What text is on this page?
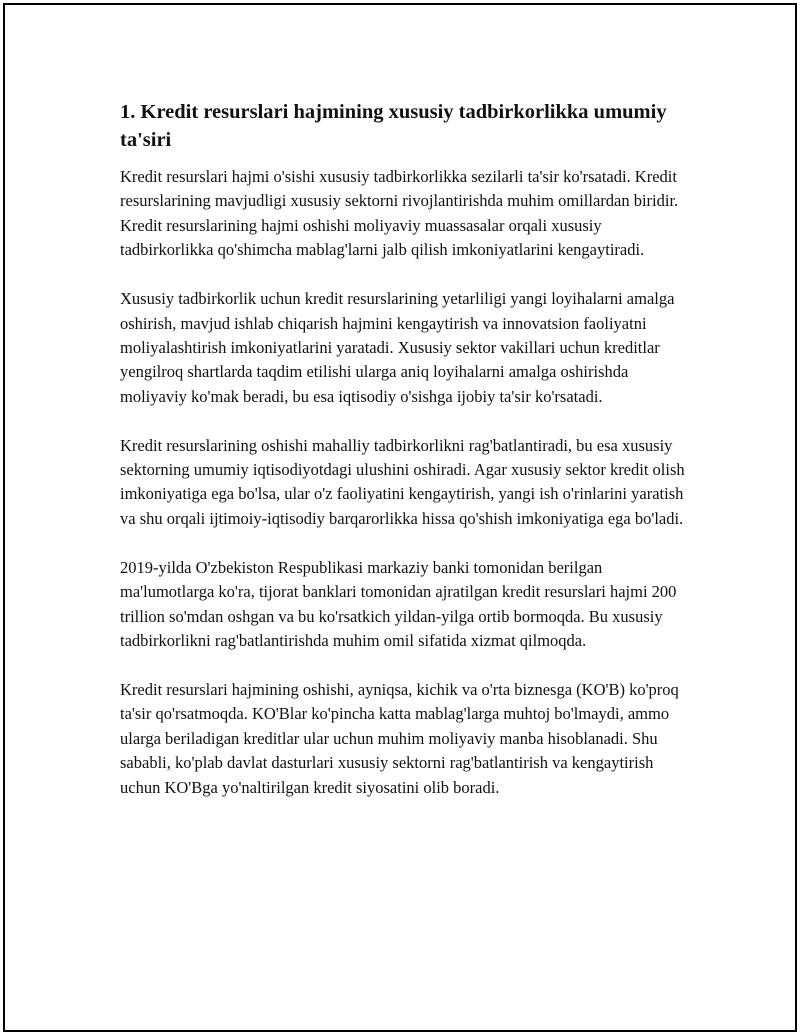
1. Kredit resurslari hajmining xususiy tadbirkorlikka umumiy ta'siri

Kredit resurslari hajmi o'sishi xususiy tadbirkorlikka sezilarli ta'sir ko'rsatadi. Kredit resurslarining mavjudligi xususiy sektorni rivojlantirishda muhim omillardan biridir. Kredit resurslarining hajmi oshishi moliyaviy muassasalar orqali xususiy tadbirkorlikka qo'shimcha mablag'larni jalb qilish imkoniyatlarini kengaytiradi.

Xususiy tadbirkorlik uchun kredit resurslarining yetarliligi yangi loyihalarni amalga oshirish, mavjud ishlab chiqarish hajmini kengaytirish va innovatsion faoliyatni moliyalashtirish imkoniyatlarini yaratadi. Xususiy sektor vakillari uchun kreditlar yengilroq shartlarda taqdim etilishi ularga aniq loyihalarni amalga oshirishda moliyaviy ko'mak beradi, bu esa iqtisodiy o'sishga ijobiy ta'sir ko'rsatadi.

Kredit resurslarining oshishi mahalliy tadbirkorlikni rag'batlantiradi, bu esa xususiy sektorning umumiy iqtisodiyotdagi ulushini oshiradi. Agar xususiy sektor kredit olish imkoniyatiga ega bo'lsa, ular o'z faoliyatini kengaytirish, yangi ish o'rinlarini yaratish va shu orqali ijtimoiy-iqtisodiy barqarorlikka hissa qo'shish imkoniyatiga ega bo'ladi.

2019-yilda O'zbekiston Respublikasi markaziy banki tomonidan berilgan ma'lumotlarga ko'ra, tijorat banklari tomonidan ajratilgan kredit resurslari hajmi 200 trillion so'mdan oshgan va bu ko'rsatkich yildan-yilga ortib bormoqda. Bu xususiy tadbirkorlikni rag'batlantirishda muhim omil sifatida xizmat qilmoqda.

Kredit resurslari hajmining oshishi, ayniqsa, kichik va o'rta biznesga (KO'B) ko'proq ta'sir qo'rsatmoqda. KO'Blar ko'pincha katta mablag'larga muhtoj bo'lmaydi, ammo ularga beriladigan kreditlar ular uchun muhim moliyaviy manba hisoblanadi. Shu sababli, ko'plab davlat dasturlari xususiy sektorni rag'batlantirish va kengaytirish uchun KO'Bga yo'naltirilgan kredit siyosatini olib boradi.
